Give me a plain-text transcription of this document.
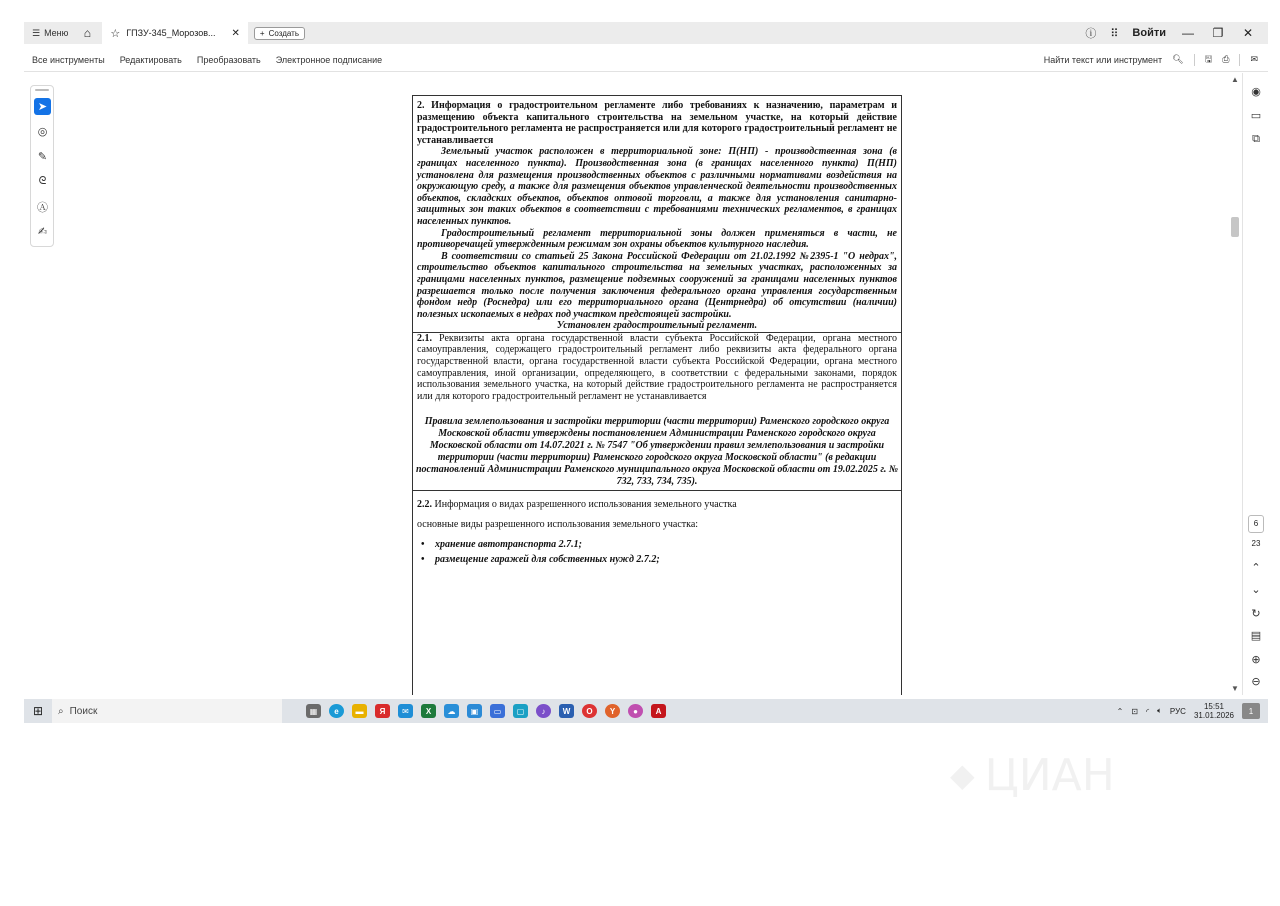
☰ Меню	⌂	☆ ГПЗУ-345_Морозов... ✕	+ Создать	ⓘ ⠿ Войти — ❐ ✕
Все инструменты Редактировать Преобразовать Электронное подписание	Найти текст или инструмент 🔍︎ 🖫 ⎙ ✉
➤
◎
✎
ᘓ
Ⓐ
✍

2. Информация о градостроительном регламенте либо требованиях к назначению, параметрам и размещению объекта капитального строительства на земельном участке, на который действие градостроительного регламента не распространяется или для которого градостроительный регламент не устанавливается

Земельный участок расположен в территориальной зоне: П(НП) - производственная зона (в границах населенного пункта). Производственная зона (в границах населенного пункта) П(НП) установлена для размещения производственных объектов с различными нормативами воздействия на окружающую среду, а также для размещения объектов управленческой деятельности производственных объектов, складских объектов, объектов оптовой торговли, а также для установления санитарно-защитных зон таких объектов в соответствии с требованиями технических регламентов, в границах населенных пунктов.

Градостроительный регламент территориальной зоны должен применяться в части, не противоречащей утвержденным режимам зон охраны объектов культурного наследия.

В соответствии со статьей 25 Закона Российской Федерации от 21.02.1992 №2395-1 "О недрах", строительство объектов капитального строительства на земельных участках, расположенных за границами населенных пунктов, размещение подземных сооружений за границами населенных пунктов разрешается только после получения заключения федерального органа управления государственным фондом недр (Роснедра) или его территориального органа (Центрнедра) об отсутствии (наличии) полезных ископаемых в недрах под участком предстоящей застройки.

Установлен градостроительный регламент.

2.1. Реквизиты акта органа государственной власти субъекта Российской Федерации, органа местного самоуправления, содержащего градостроительный регламент либо реквизиты акта федерального органа государственной власти, органа государственной власти субъекта Российской Федерации, органа местного самоуправления, иной организации, определяющего, в соответствии с федеральными законами, порядок использования земельного участка, на который действие градостроительного регламента не распространяется или для которого градостроительный регламент не устанавливается

Правила землепользования и застройки территории (части территории) Раменского городского округа Московской области утверждены постановлением Администрации Раменского городского округа Московской области от 14.07.2021 г. № 7547 "Об утверждении правил землепользования и застройки территории (части территории) Раменского городского округа Московской области" (в редакции постановлений Администрации Раменского муниципального округа Московской области от 19.02.2025 г. № 732, 733, 734, 735).

2.2. Информация о видах разрешенного использования земельного участка

основные виды разрешенного использования земельного участка:

• хранение автотранспорта 2.7.1;
• размещение гаражей для собственных нужд 2.7.2;
▲
▼
◉
▭
⧉
6
23
⌃
⌄
↻
▤
⊕
⊖
⊞	⌕ Поиск	▦	e	▬	Я	✉	X	☁	▣	▭	▢	♪	W	O	Y	●	A	⌃ ⊡ ◜ 🔈︎ РУС	15:51
31.01.2026	1
◆ ЦИАН
